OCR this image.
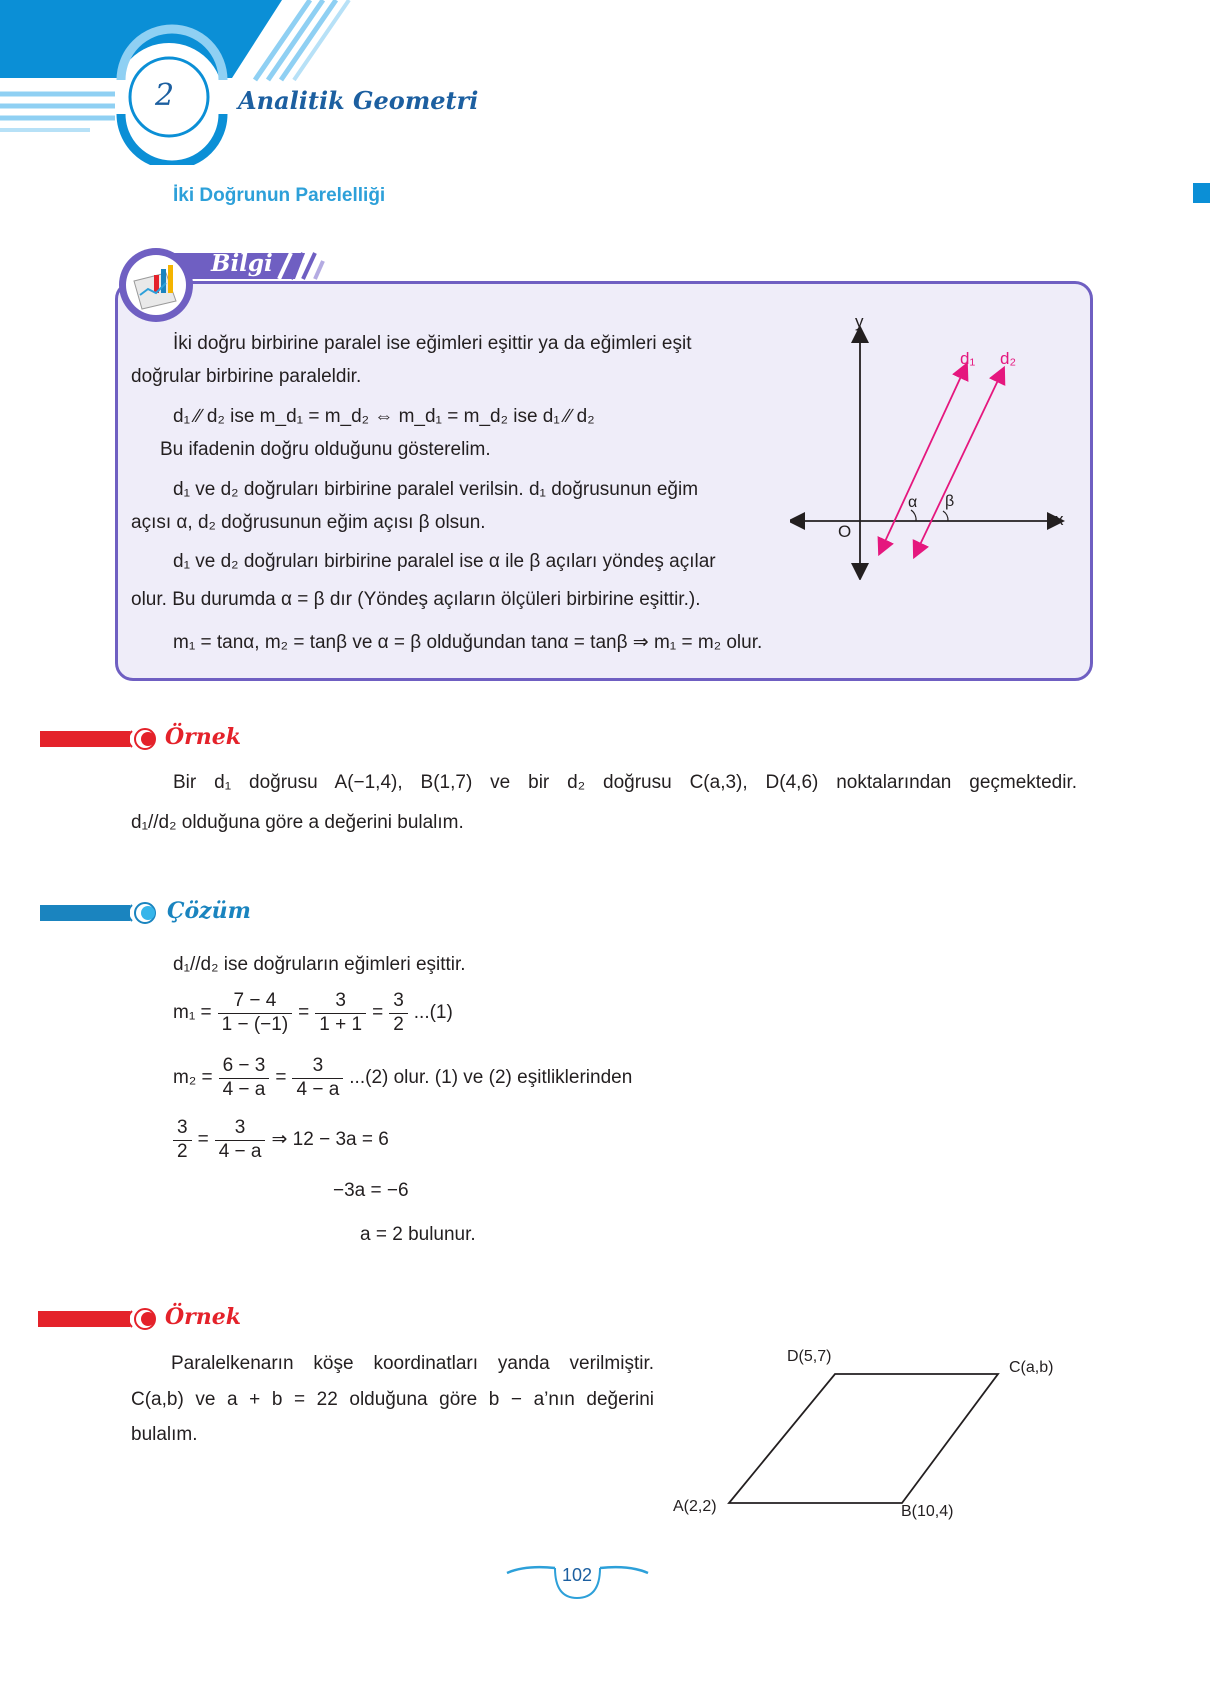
2	Analitik Geometri
İki Doğrunun Parelelliği
Bilgi
İki doğru birbirine paralel ise eğimleri eşittir ya da eğimleri eşit
doğrular birbirine paraleldir.
d₁ ∕∕ d₂ ise m_d₁ = m_d₂ ⇔ m_d₁ = m_d₂ ise d₁ ∕∕ d₂
Bu ifadenin doğru olduğunu gösterelim.
d₁ ve d₂ doğruları birbirine paralel verilsin. d₁ doğrusunun eğim
açısı α, d₂ doğrusunun eğim açısı β olsun.
d₁ ve d₂ doğruları birbirine paralel ise α ile β açıları yöndeş açılar
olur. Bu durumda α = β dır (Yöndeş açıların ölçüleri birbirine eşittir.).
m₁ = tanα, m₂ = tanβ ve α = β olduğundan tanα = tanβ ⇒ m₁ = m₂ olur.
y
x
O
d₁ d₂
α β
Örnek
Bir d₁ doğrusu A(−1,4), B(1,7) ve bir d₂ doğrusu C(a,3), D(4,6) noktalarından geçmektedir.
d₁//d₂ olduğuna göre a değerini bulalım.
Çözüm
d₁//d₂ ise doğruların eğimleri eşittir.
$m_1 = \frac{7 - 4}{1 - (-1)} = \frac{3}{1 + 1} = \frac{3}{2} ...(1)$
$m_2 = \frac{6 - 3}{4 - a} = \frac{3}{4 - a} ...(2)$ olur. (1) ve (2) eşitliklerinden
$\frac{3}{2} = \frac{3}{4 - a}$ ⇒ 12 − 3a = 6
−3a = −6
a = 2 bulunur.
Örnek
Paralelkenarın köşe koordinatları yanda verilmiştir.
C(a,b) ve a + b = 22 olduğuna göre b − a’nın değerini
bulalım.
D(5,7)
C(a,b)
A(2,2)	B(10,4)
102
